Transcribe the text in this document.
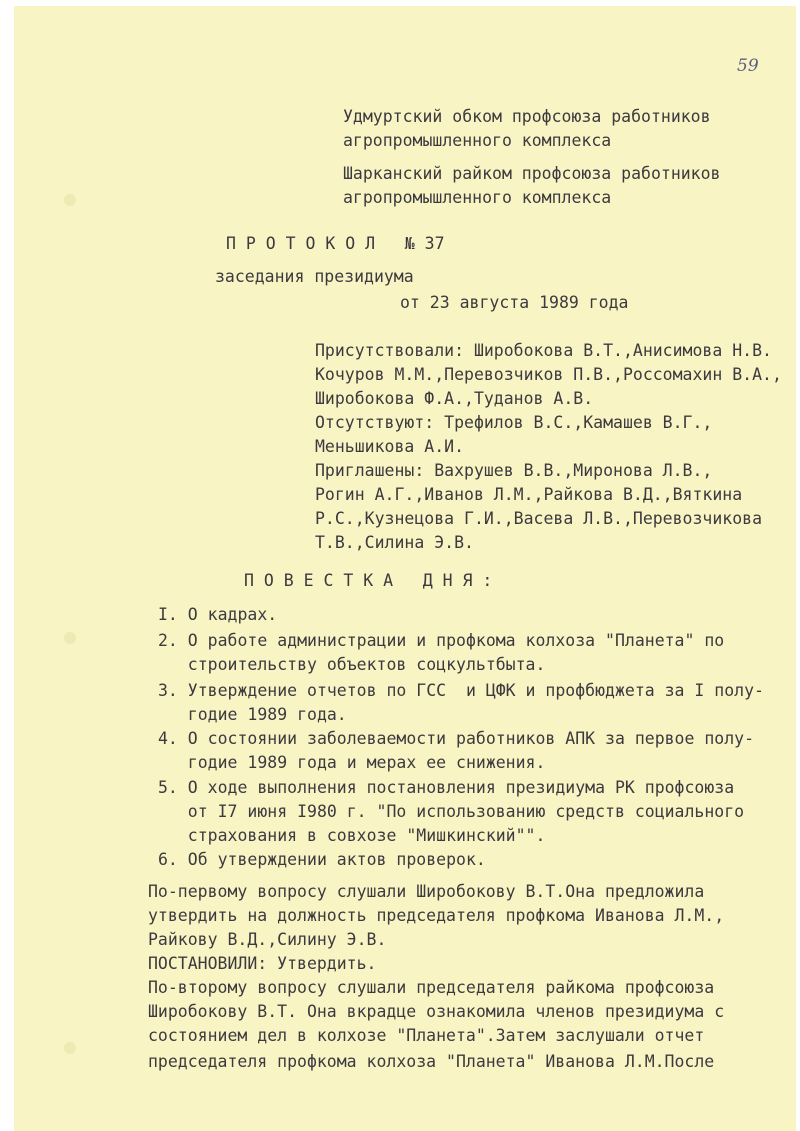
59
Удмуртский обком профсоюза работников
агропромышленного комплекса
Шарканский райком профсоюза работников
агропромышленного комплекса
П Р О Т О К О Л   № 37
заседания президиума
от 23 августа 1989 года
Присутствовали: Широбокова В.Т.,Анисимова Н.В.
Кочуров М.М.,Перевозчиков П.В.,Россомахин В.А.,
Широбокова Ф.А.,Туданов А.В.
Отсутствуют: Трефилов В.С.,Камашев В.Г.,
Меньшикова А.И.
Приглашены: Вахрушев В.В.,Миронова Л.В.,
Рогин А.Г.,Иванов Л.М.,Райкова В.Д.,Вяткина
Р.С.,Кузнецова Г.И.,Васева Л.В.,Перевозчикова
Т.В.,Силина Э.В.
П О В Е С Т К А   Д Н Я :
I. О кадрах.
2. О работе администрации и профкома колхоза "Планета" по
строительству объектов соцкультбыта.
3. Утверждение отчетов по ГСС  и ЦФК и профбюджета за I полу-
годие 1989 года.
4. О состоянии заболеваемости работников АПК за первое полу-
годие 1989 года и мерах ее снижения.
5. О ходе выполнения постановления президиума РК профсоюза
от I7 июня I980 г. "По использованию средств социального
страхования в совхозе "Мишкинский"".
6. Об утверждении актов проверок.
По-первому вопросу слушали Широбокову В.Т.Она предложила
утвердить на должность председателя профкома Иванова Л.М.,
Райкову В.Д.,Силину Э.В.
ПОСТАНОВИЛИ: Утвердить.
По-второму вопросу слушали председателя райкома профсоюза
Широбокову В.Т. Она вкрадце ознакомила членов президиума с
состоянием дел в колхозе "Планета".Затем заслушали отчет
председателя профкома колхоза "Планета" Иванова Л.М.После
